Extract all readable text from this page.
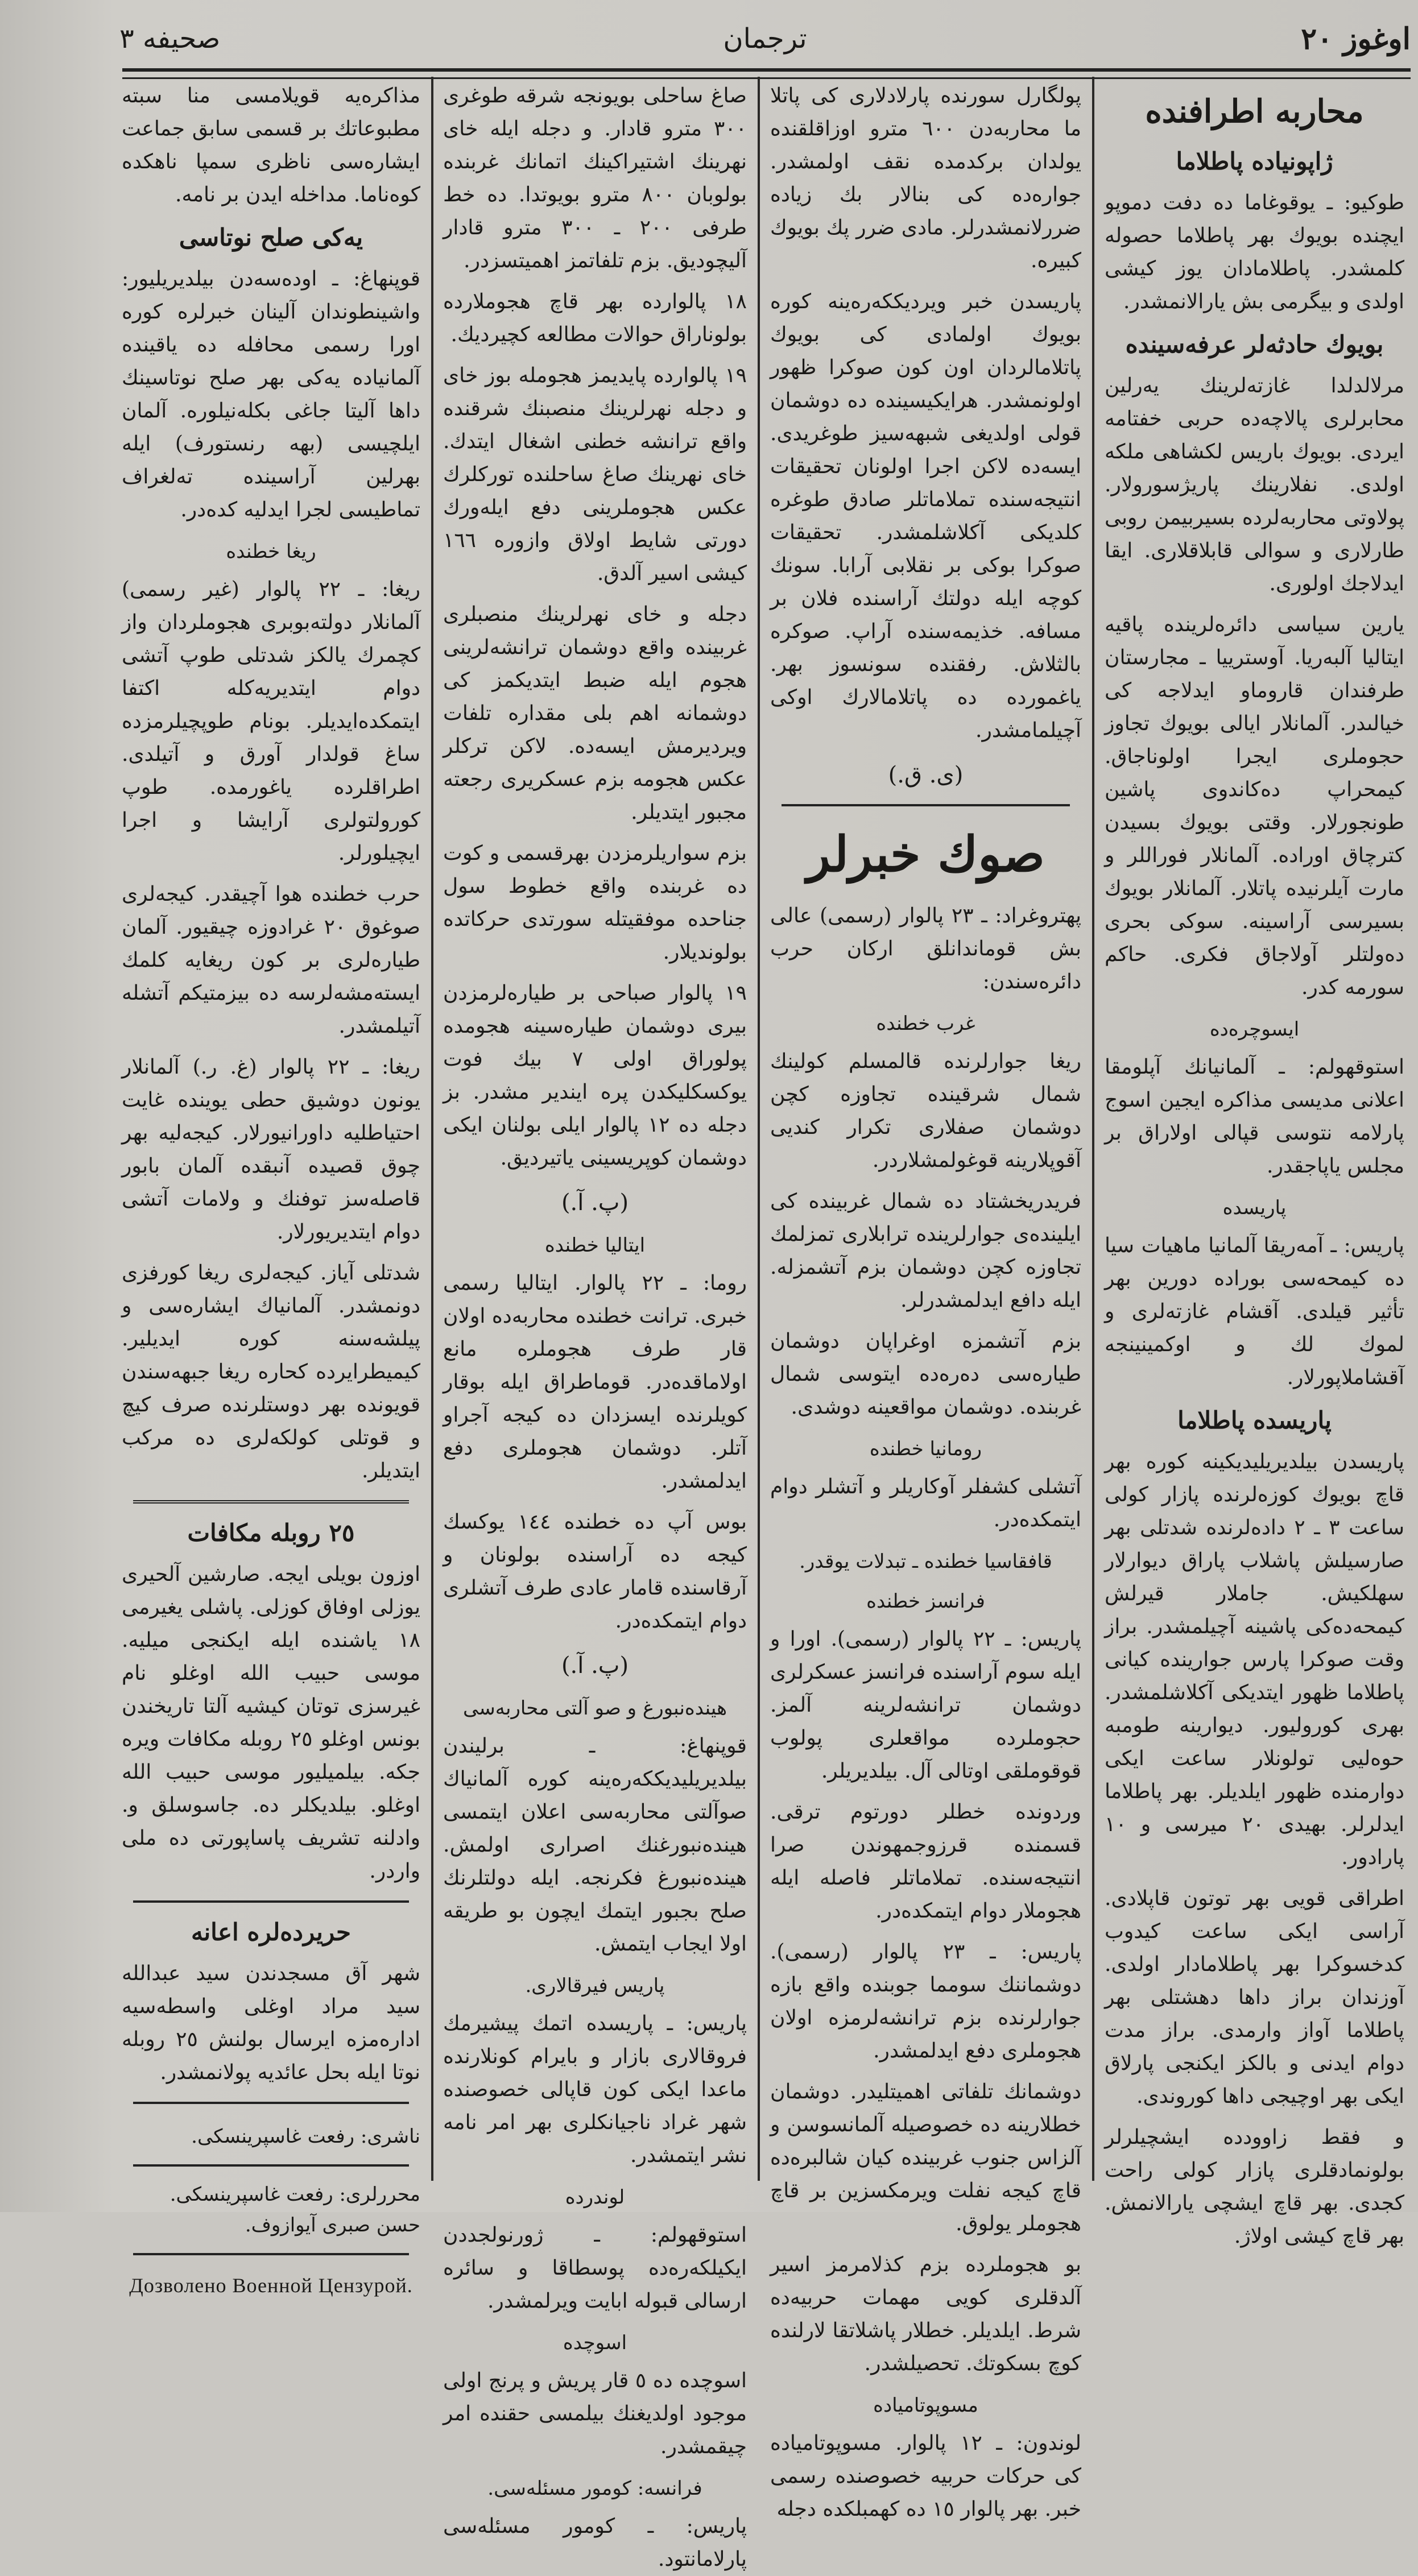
اوغوز ٢٠
ترجمان
صحيفه ٣
محاربه اطرافنده
ژاپونياده پاطلاما

طوكيو: ـ يوقوغاما ده دفت دموپو ايچنده بويوك بهر پاطلاما حصوله كلمشدر. پاطلامادان يوز كيشى اولدى و بيگرمى بش يارالانمشدر.

بويوك حادثه‌لر عرفه‌سينده

مرلالدلدا غازته‌لرينك يه‌رلين محابرلرى پالاچه‌ده حربى خفتامه ايردى. بويوك باريس لكشاهى ملكه اولدى. نفلارينك پاريژسورولار. پولاوتى محاربه‌لرده بسيربيمن روبى طارلارى و سوالى قابلاقلارى. ايقا ايدلاجك اولورى.

يارين سياسى دائره‌لرينده پاقيه ايتاليا آلبه‌ريا. آوسترييا ـ مجارستان طرفندان قاروماو ايدلاجه‌ كى خيالىدر. آلمانلار ايالى بويوك تجاوز حجوملرى ايجرا اولوناجاق. كيمحراپ ده‌كاندوى پاشين طونجورلار. وقتى بويوك بسيدن كترچاق اوراده. آلمانلار فوراللر و مارت آيلرنيده پاتلار. آلمانلار بويوك بسيرسى آراسينه. سوكى بحرى ده‌ولتلر آولاجاق فكرى. حاكم سورمه كدر.

ايسوچره‌ده

استوقهولم: ـ آلمانيانك آپلومقا اعلانى مديسى مذاكره ايجين اسوج پارلامه نتوسى قپالى اولاراق بر مجلس ياپاجقدر.

پاريسده

پاريس: ـ آمه‌ريقا آلمانيا ماهيات سيا ده كيمحه‌سى بوراده دورين بهر تأثير قيلدى. آقشام غازته‌لرى و لموك لك و اوكمينينجه آقشاملاپورلار.

پاريسده پاطلاما

پاريسدن بيلديريليديكينه كوره بهر قاچ بويوك كوزه‌لرنده پازار كولى ساعت ٣ ـ ٢ داده‌لرنده شدتلى بهر صارسيلش پاشلاب پاراق ديوارلار سهلكيش. جاملار قيرلش كيمحه‌ده‌كى پاشينه آچيلمشدر. براز وقت صوكرا پارس جوارينده كيانى پاطلاما ظهور ايتديكى آكلاشلمشدر. بهرى كوروليور. ديوارينه طومبه حوه‌ليى تولونلار ساعت ايكى دوارمنده ظهور ايلديلر. بهر پاطلاما ايدلرلر. بهيدى ٢٠ ميرسى و ١٠ پارادور.

اطراقى قويى بهر توتون قاپلادى. آراسى ايكى ساعت كيدوب كدخسوكرا بهر پاطلامادار اولدى. آوزندان براز داها دهشتلى بهر پاطلاما آواز وارمدى. براز مدت دوام ايدنى و بالكز ايكنجى پارلاق ايكى بهر اوچيجى داها كوروندى.

و فقط زاوودده ايشچيلرلر بولونمادقلرى پازار كولى راحت كجدى. بهر قاچ ايشچى يارالانمش. بهر قاچ كيشى اولاژ.

پولگارل سورنده پارلادلارى كى پاتلا ما محاربه‌دن ٦٠٠ مترو اوزاقلقنده يولدان بركدمده نقف اولمشدر. جواره‌ده كى بنالار بك زياده ضررلانمشدرلر. مادى ضرر پك بويوك كبيره.

پاريسدن خبر ويرديككه‌ره‌ينه كوره بويوك اولمادى كى بويوك پاتلامالردان اون كون صوكرا ظهور اولونمشدر. هرايكيسينده ده دوشمان قولى اولديغى شبهه‌سيز طوغريدى. ايسه‌ده لاكن اجرا اولونان تحقيقات انتيجه‌سنده تملاماتلر صادق طوغره كلديكى آكلاشلمشدر. تحقيقات صوكرا بوكى بر نقلابى آرابا. سونك كوچه ايله دولتك آراسنده فلان بر مسافه. خذيمه‌سنده آراپ. صوكره بالثلاش. رفقنده سونسوز بهر. ياغمورده ده پاتلامالارك اوكى آچيلمامشدر.

(ى. ق.)
صوك خبرلر

پهتروغراد: ـ ٢٣ پالوار (رسمى) عالى بش قوماندانلق اركان حرب دائره‌سندن:

غرب خطنده

ريغا جوارلرنده قالمسلم كولينك شمال شرقينده تجاوزه كچن دوشمان صفلارى تكرار كنديى آقوپلارينه قوغولمشلاردر.

فريدريخشتاد ده شمال غربينده كى ايلينده‌ى جوارلرينده ترابلارى تمزلمك تجاوزه كچن دوشمان بزم آتشمزله. ايله دافع ايدلمشدرلر.

بزم آتشمزه اوغراپان دوشمان طياره‌سى ده‌ره‌ده ايتوسى شمال غربنده. دوشمان مواقعينه دوشدى.

رومانيا خطنده

آتشلى كشفلر آوكاريلر و آتشلر دوام ايتمكده‌در.

قافقاسيا خطنده ـ تبدلات يوقدر.
فرانسز خطنده

پاريس: ـ ٢٢ پالوار (رسمى). اورا و ايله سوم آراسنده فرانسز عسكرلرى دوشمان ترانشه‌لرينه آلمز. حجوملرده مواقعلرى پولوب قوقوملقى اوتالى آل. بيلديريلر.

وردونده خطلر دورتوم ترقى. قسمنده قرزوجمهوندن صرا انتيجه‌سنده. تملاماتلر فاصله ايله هجوملار دوام ايتمكده‌در.

پاريس: ـ ٢٣ پالوار (رسمى). دوشماننك سومما جوبنده واقع بازه جوارلرنده بزم ترانشه‌لرمزه اولان هجوملرى دفع ايدلمشدر.

دوشمانك تلفاتى اهميتليدر. دوشمان خطلارينه ده خصوصيله آلمانسوسن و آلزاس جنوب غربينده كيان شالبره‌ده قاچ كيجه نفلت ويرمكسزين بر قاچ هجوملر يولوق.

بو هجوملرده بزم كذلامرمز اسير آلدقلرى كويى مهمات حربيه‌ده شرط. ايلديلر. خطلار پاشلاتقا لارلنده كوچ بسكوتك. تحصيلشدر.

مسوپوتاميا‌ده

لوندون: ـ ١٢ پالوار. مسوپوتاميا‌ده كى حركات حربيه خصوصنده رسمى خبر. بهر پالوار ١٥ ده كهمبلكده دجله

صاغ ساحلى بويونجه شرقه طوغرى ٣٠٠ مترو قادار. و دجله ايله خاى نهرينك اشتيراكينك اتمانك غربنده بولوبان ٨٠٠ مترو بويوتدا. ده خط طرفى ٢٠٠ ـ ٣٠٠ مترو قادار آليچوديق. بزم تلفاتمز اهميتسزدر.

١٨ پالوارده بهر قاچ هجوملارده بولوناراق حوالات مطالعه كچيرديك.

١٩ پالوارده پايديمز هجومله بوز خاى و دجله نهرلرينك منصبنك شرقنده واقع ترانشه خطنى اشغال ايتدك. خاى نهرينك صاغ ساحلنده توركلرك عكس هجوملرينى دفع ايله‌ورك دورتى شايط اولاق وازوره ١٦٦ كيشى اسير آلدق.

دجله و خاى نهرلرينك منصبلرى غربينده واقع دوشمان ترانشه‌لرينى هجوم ايله ضبط ايتديكمز كى دوشمانه اهم بلى مقداره تلفات ويرديرمش ايسه‌ده. لاكن تركلر عكس هجومه بزم عسكريرى رجعته مجبور ايتديلر.

بزم سواريلرمزدن بهرقسمى و كوت ده غربنده واقع خطوط سول جناحده موفقيتله سورتدى حركاتده بولونديلار.

١٩ پالوار صباحى بر طياره‌لرمزدن بيرى دوشمان طياره‌سينه هجومده پولوراق اولى ٧ بيك فوت يوكسكليكدن پره ايندير مشدر. بز دجله ده ١٢ پالوار ايلى بولنان ايكى دوشمان كوپريسينى ياتيرديق.

(پ. آ.)
ايتاليا خطنده

روما: ـ ٢٢ پالوار. ايتاليا رسمى خبرى. ترانت خطنده محاربه‌ده اولان قار طرف هجوملره مانع اولاماقده‌در. قوماطراق ايله بوقار كويلرنده ايسزدان ده كيجه آجراو آتلر. دوشمان هجوملرى دفع ايدلمشدر.

بوس آپ ده خطنده ١٤٤ يوكسك كيجه ده آراسنده بولونان و آرقاسنده قامار عادى طرف آتشلرى دوام ايتمكده‌در.

(پ. آ.)
هينده‌نبورغ و صو آلتى محاربه‌سى

قوپنهاغ: ـ برليندن بيلديريليديككه‌ره‌ينه كوره آلمانياك صوآلتى محاربه‌سى اعلان ايتمسى هينده‌نبورغنك اصرارى اولمش. هينده‌نبورغ فكرنجه. ايله دولتلرنك صلح بجبور ايتمك ايچون بو طريقه اولا ايجاب ايتمش.

پاريس فيرقالارى.

پاريس: ـ پاريسده اتمك پيشيرمك فروقالارى بازار و بايرام كونلارنده ماعدا ايكى كون قاپالى خصوصنده شهر غراد ناجيانكلرى بهر امر نامه نشر ايتمشدر.

لوندرده

استوقهولم: ـ ژورنولجددن ايكيلكه‌ره‌ده پوسطاقا و سائره ارسالى قبوله ابايت ويرلمشدر.

اسوچده

اسوچده ده ٥ قار پريش و پرنج اولى موجود اولديغنك بيلمسى حقنده امر چيقمشدر.

فرانسه: كومور مسئله‌سى.

پاريس: ـ كومور مسئله‌سى پارلامانتود.

مذاكره‌يه قويلامسى منا سبته مطبوعاتك بر قسمى سابق جماعت ايشاره‌سى ناظرى سمپا ناهكده كوه‌ناما. مداخله ايدن بر نامه.

يه‌كى صلح نوتاسى

قوپنهاغ: ـ اوده‌سه‌دن بيلديريليور: واشينطوندان آلينان خبرلره كوره اورا رسمى محافله ده ياقينده آلمانياده يه‌كى بهر صلح نوتاسينك داها آليتا جاغى بكله‌نيلوره. آلمان ايلچيسى (بهه رنستورف) ايله بهرلين آراسينده ته‌لغراف تماطيسى لجرا ايدليه كده‌در.

ريغا خطنده

ريغا: ـ ٢٢ پالوار (غير رسمى) آلمانلار دولته‌بوبرى هجوملردان واز كچمرك يالكز شدتلى طوپ آتشى دوام ايتديريه‌كله اكتفا ايتمكده‌ايديلر. بونام طوپچيلرمزده ساغ قولدار آورق و آتيلدى. اطراقلرده ياغورمده‌. طوپ كورولتولرى آرايشا و اجرا ايچيلورلر.

حرب خطنده هوا آچيقدر. كيجه‌لرى صوغوق ٢٠ غرادوزه چيقيور. آلمان طياره‌لرى بر كون ريغايه كلمك ايسته‌مشه‌لرسه ده بيزمتيكم آتشله آتيلمشدر.

ريغا: ـ ٢٢ پالوار (غ. ر.) آلمانلار يونون دوشيق حطى يوينده غايت احتياطليه داورانيورلار. كيجه‌ليه بهر چوق قصيده آنبقده آلمان بابور قاصله‌سز توفنك و ولامات آتشى دوام ايتديريورلار.

شدتلى آياز. كيجه‌لرى ريغا كورفزى دونمشدر. آلمانياك ايشاره‌سى و پيلشه‌سنه كوره ايديلير. كيميطرايرده كحاره ريغا جبهه‌سندن قويونده بهر دوستلرنده صرف كيچ و قوتلى كولكه‌لرى ده مركب ايتديلر.

٢٥ روبله مكافات

اوزون بويلى ايجه. صارشين آلحيرى يوزلى اوفاق كوزلى. پاشلى يغيرمى ١٨ ياشنده ايله ايكنجى ميليه. موسى حبيب الله اوغلو نام غيرسزى توتان كيشيه آلتا تاريخندن بونس اوغلو ٢٥ روبله مكافات ويره جكه. بيلميليور موسى حبيب الله اوغلو. بيلديكلر ده. جاسوسلق و. وادلنه تشريف پاساپورتى ده ملى واردر.

حريرده‌لره اعانه

شهر آق مسجدندن سيد عبدالله سيد مراد اوغلى واسطه‌سيه اداره‌مزه ايرسال بولنش ٢٥ روبله نوتا ايله بحل عائديه پولانمشدر.

ناشرى: رفعت غاسپرينسكى.
محررلرى: رفعت غاسپرينسكى.
حسن صبرى آيوازوف.
Дозволено Военной Цензурой.
